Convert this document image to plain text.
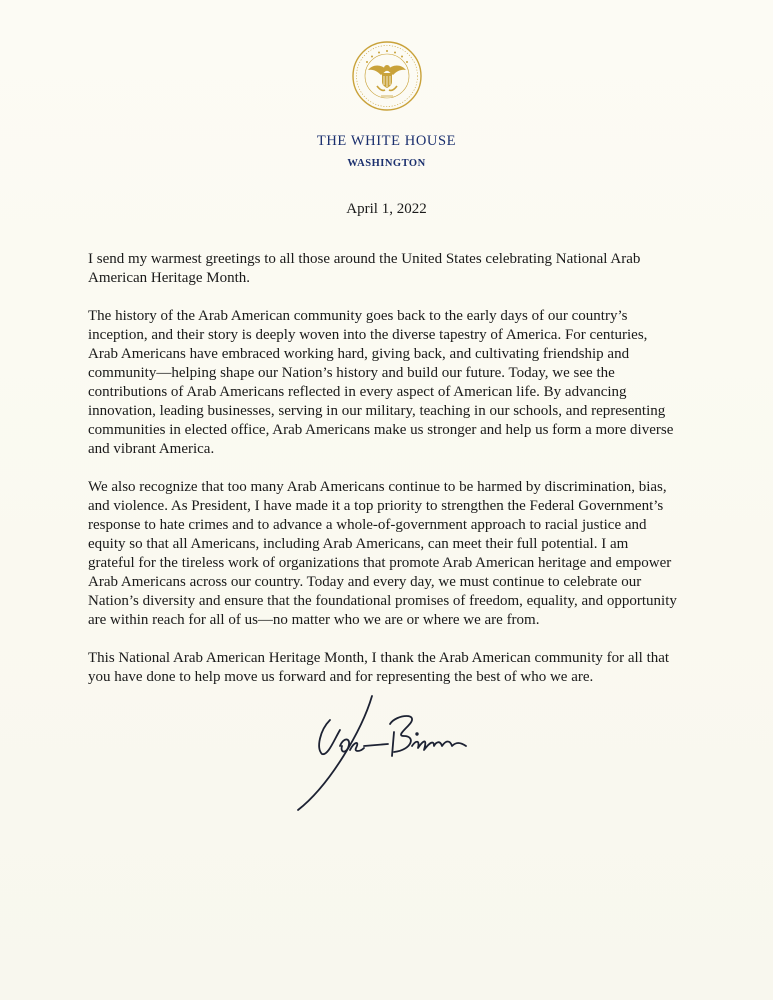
THE WHITE HOUSE
WASHINGTON
April 1, 2022

I send my warmest greetings to all those around the United States celebrating National Arab American Heritage Month.

The history of the Arab American community goes back to the early days of our country’s inception, and their story is deeply woven into the diverse tapestry of America. For centuries, Arab Americans have embraced working hard, giving back, and cultivating friendship and community—helping shape our Nation’s history and build our future. Today, we see the contributions of Arab Americans reflected in every aspect of American life. By advancing innovation, leading businesses, serving in our military, teaching in our schools, and representing communities in elected office, Arab Americans make us stronger and help us form a more diverse and vibrant America.

We also recognize that too many Arab Americans continue to be harmed by discrimination, bias, and violence. As President, I have made it a top priority to strengthen the Federal Government’s response to hate crimes and to advance a whole-of-government approach to racial justice and equity so that all Americans, including Arab Americans, can meet their full potential. I am grateful for the tireless work of organizations that promote Arab American heritage and empower Arab Americans across our country. Today and every day, we must continue to celebrate our Nation’s diversity and ensure that the foundational promises of freedom, equality, and opportunity are within reach for all of us—no matter who we are or where we are from.

This National Arab American Heritage Month, I thank the Arab American community for all that you have done to help move us forward and for representing the best of who we are.
